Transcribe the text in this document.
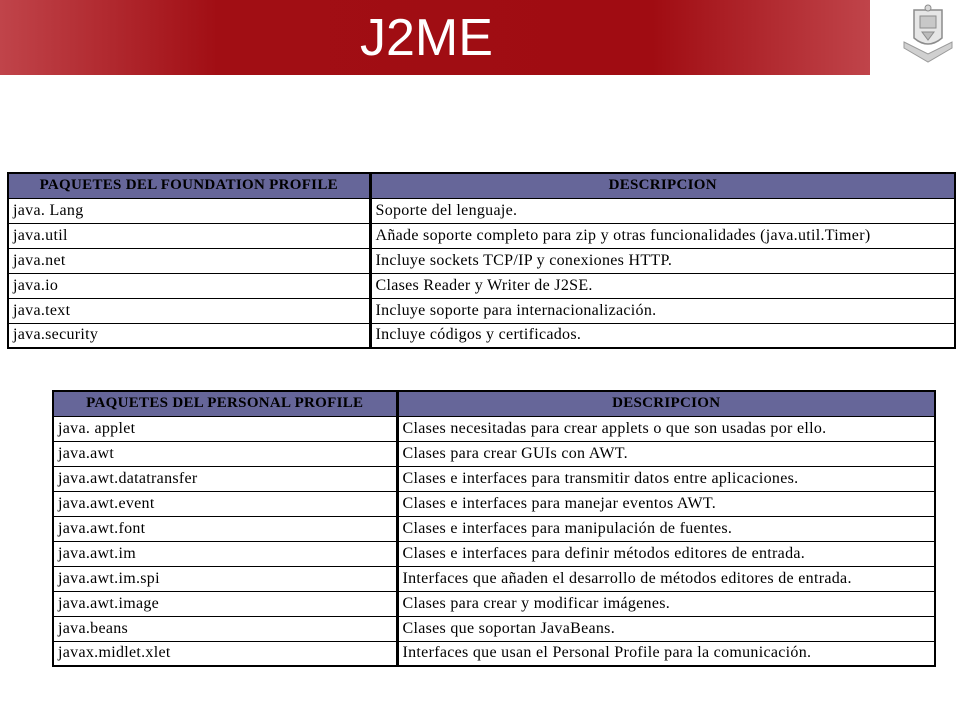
J2ME
PAQUETES DEL FOUNDATION PROFILE	DESCRIPCION
java. Lang	Soporte del lenguaje.
java.util	Añade soporte completo para zip y otras funcionalidades (java.util.Timer)
java.net	Incluye sockets TCP/IP y conexiones HTTP.
java.io	Clases Reader y Writer de J2SE.
java.text	Incluye soporte para internacionalización.
java.security	Incluye códigos y certificados.
PAQUETES DEL PERSONAL PROFILE	DESCRIPCION
java. applet	Clases necesitadas para crear applets o que son usadas por ello.
java.awt	Clases para crear GUIs con AWT.
java.awt.datatransfer	Clases e interfaces para transmitir datos entre aplicaciones.
java.awt.event	Clases e interfaces para manejar eventos AWT.
java.awt.font	Clases e interfaces para manipulación de fuentes.
java.awt.im	Clases e interfaces para definir métodos editores de entrada.
java.awt.im.spi	Interfaces que añaden el desarrollo de métodos editores de entrada.
java.awt.image	Clases para crear y modificar imágenes.
java.beans	Clases que soportan JavaBeans.
javax.midlet.xlet	Interfaces que usan el Personal Profile para la comunicación.
